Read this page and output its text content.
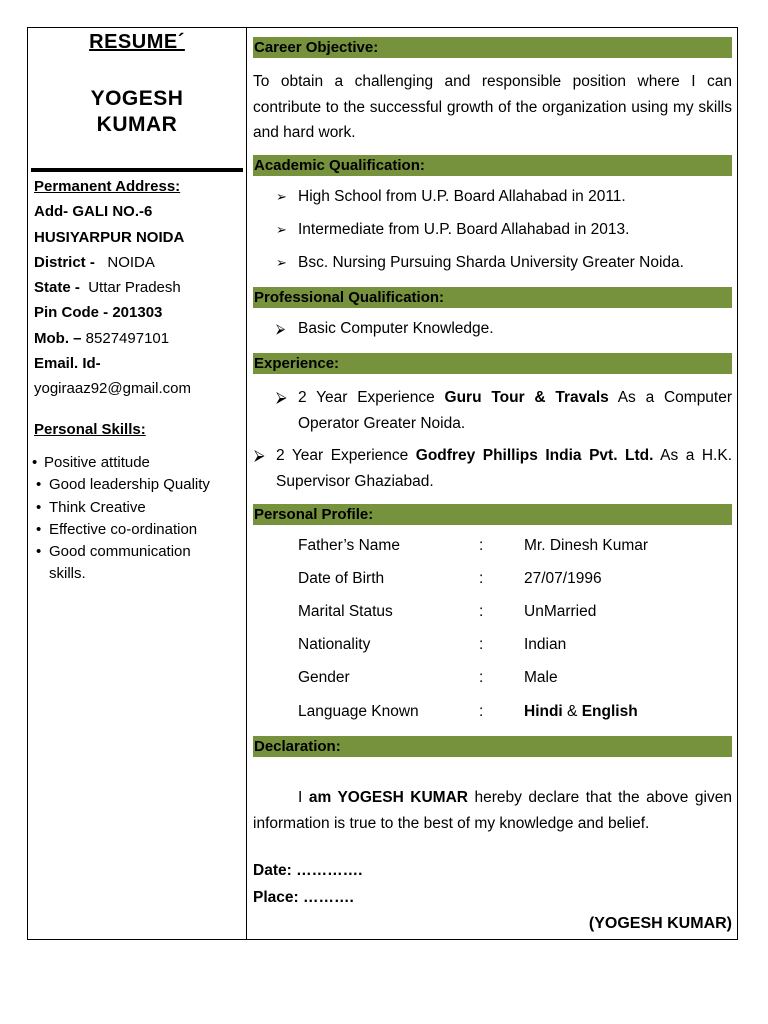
RESUME´
YOGESH
KUMAR
Permanent Address:
Add- GALI NO.-6
HUSIYARPUR NOIDA
District - NOIDA
State - Uttar Pradesh
Pin Code - 201303
Mob. – 8527497101
Email. Id-
yogiraaz92@gmail.com
Personal Skills:
• Positive attitude
• Good leadership Quality
• Think Creative
• Effective co-ordination
• Good communication
skills.
Career Objective:
To obtain a challenging and responsible position where I can contribute to the successful growth of the organization using my skills and hard work.
Academic Qualification:
➢ High School from U.P. Board Allahabad in 2011.
➢ Intermediate from U.P. Board Allahabad in 2013.
➢ Bsc. Nursing Pursuing Sharda University Greater Noida.
Professional Qualification:
⮚ Basic Computer Knowledge.
Experience:
⮚ 2 Year Experience Guru Tour & Travals As a Computer Operator Greater Noida.
⮚ 2 Year Experience Godfrey Phillips India Pvt. Ltd. As a H.K. Supervisor Ghaziabad.
Personal Profile:
Father’s Name	:	Mr. Dinesh Kumar
Date of Birth	:	27/07/1996
Marital Status	:	UnMarried
Nationality	:	Indian
Gender	:	Male
Language Known	:	Hindi & English
Declaration:
I am YOGESH KUMAR hereby declare that the above given information is true to the best of my knowledge and belief.
Date: ………….
Place: ……….
(YOGESH KUMAR)
